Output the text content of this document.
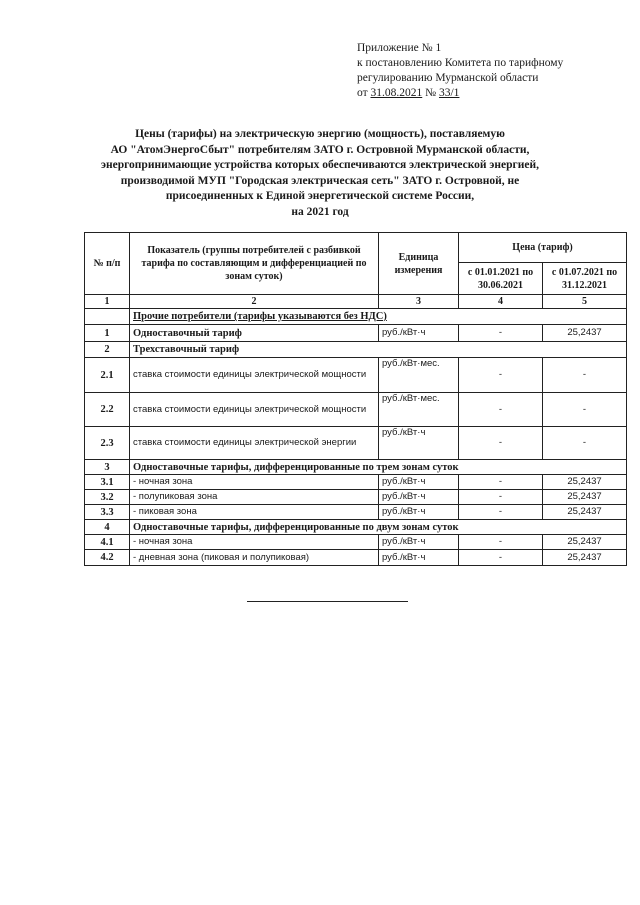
Приложение № 1
к постановлению Комитета по тарифному
регулированию Мурманской области
от 31.08.2021 № 33/1
Цены (тарифы) на электрическую энергию (мощность), поставляемую
АО "АтомЭнергоСбыт" потребителям ЗАТО г. Островной Мурманской области,
энергопринимающие устройства которых обеспечиваются электрической энергией,
производимой МУП "Городская электрическая сеть" ЗАТО г. Островной, не
присоединенных к Единой энергетической системе России,
на 2021 год
№ п/п	Показатель (группы потребителей с разбивкой тарифа по составляющим и дифференциацией по зонам суток)	Единица измерения	Цена (тариф)	
			с 01.01.2021 по 30.06.2021	с 01.07.2021 по 31.12.2021
1	2	3	4	5
	Прочие потребители (тарифы указываются без НДС)			
1	Одноставочный тариф	руб./кВт·ч	-	25,2437
2	Трехставочный тариф			
2.1	ставка стоимости единицы электрической мощности	руб./кВт·мес.	-	-
2.2	ставка стоимости единицы электрической мощности	руб./кВт·мес.	-	-
2.3	ставка стоимости единицы электрической энергии	руб./кВт·ч	-	-
3	Одноставочные тарифы, дифференцированные по трем зонам суток			
3.1	- ночная зона	руб./кВт·ч	-	25,2437
3.2	- полупиковая зона	руб./кВт·ч	-	25,2437
3.3	- пиковая зона	руб./кВт·ч	-	25,2437
4	Одноставочные тарифы, дифференцированные по двум зонам суток			
4.1	- ночная зона	руб./кВт·ч	-	25,2437
4.2	- дневная зона (пиковая и полупиковая)	руб./кВт·ч	-	25,2437
